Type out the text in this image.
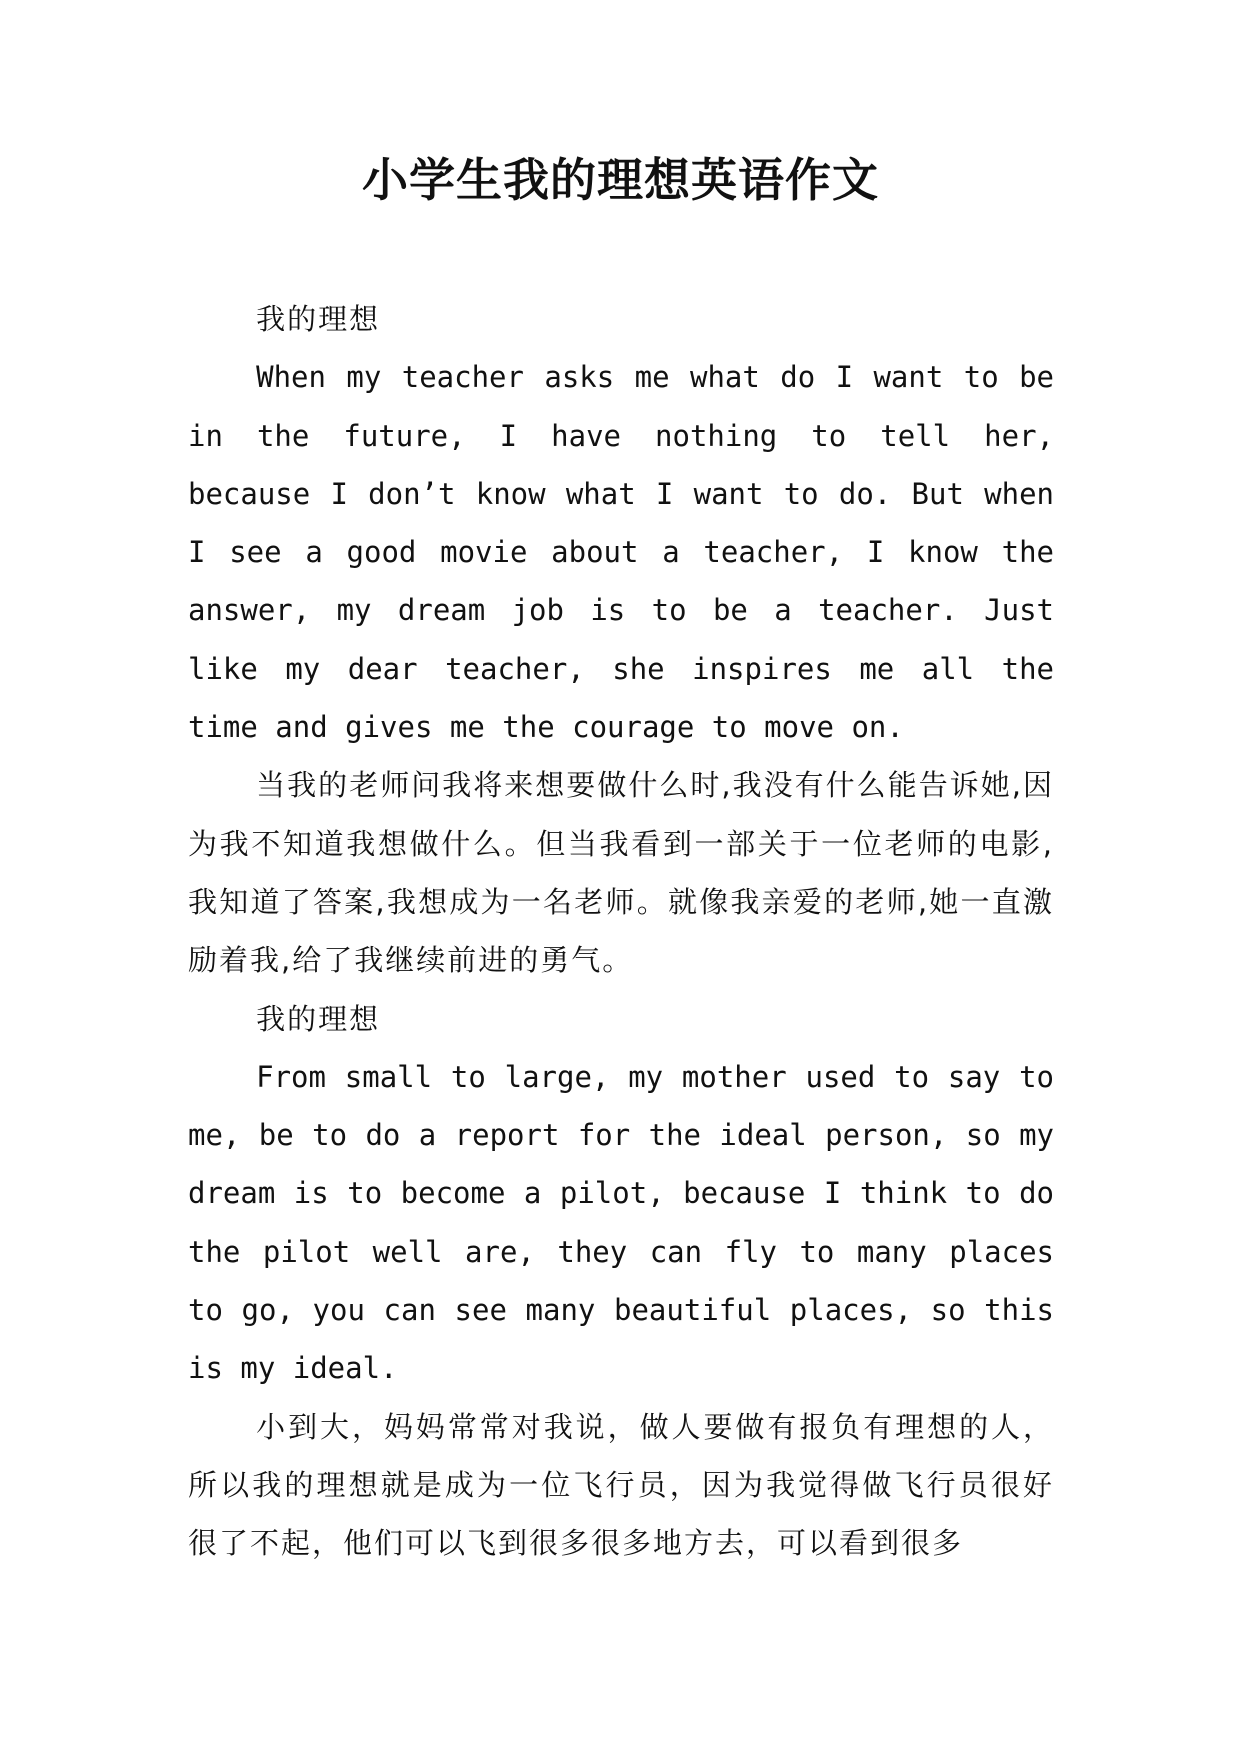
小学生我的理想英语作文

我的理想

When my teacher asks me what do I want to be in the future, I have nothing to tell her, because I don’t know what I want to do. But when I see a good movie about a teacher, I know the answer, my dream job is to be a teacher. Just like my dear teacher, she inspires me all the time and gives me the courage to move on.

当我的老师问我将来想要做什么时,我没有什么能告诉她,因为我不知道我想做什么。但当我看到一部关于一位老师的电影,我知道了答案,我想成为一名老师。就像我亲爱的老师,她一直激励着我,给了我继续前进的勇气。

我的理想

From small to large, my mother used to say to me, be to do a report for the ideal person, so my dream is to become a pilot, because I think to do the pilot well are, they can fly to many places to go, you can see many beautiful places, so this is my ideal.

小到大，妈妈常常对我说，做人要做有报负有理想的人，所以我的理想就是成为一位飞行员，因为我觉得做飞行员很好很了不起，他们可以飞到很多很多地方去，可以看到很多
